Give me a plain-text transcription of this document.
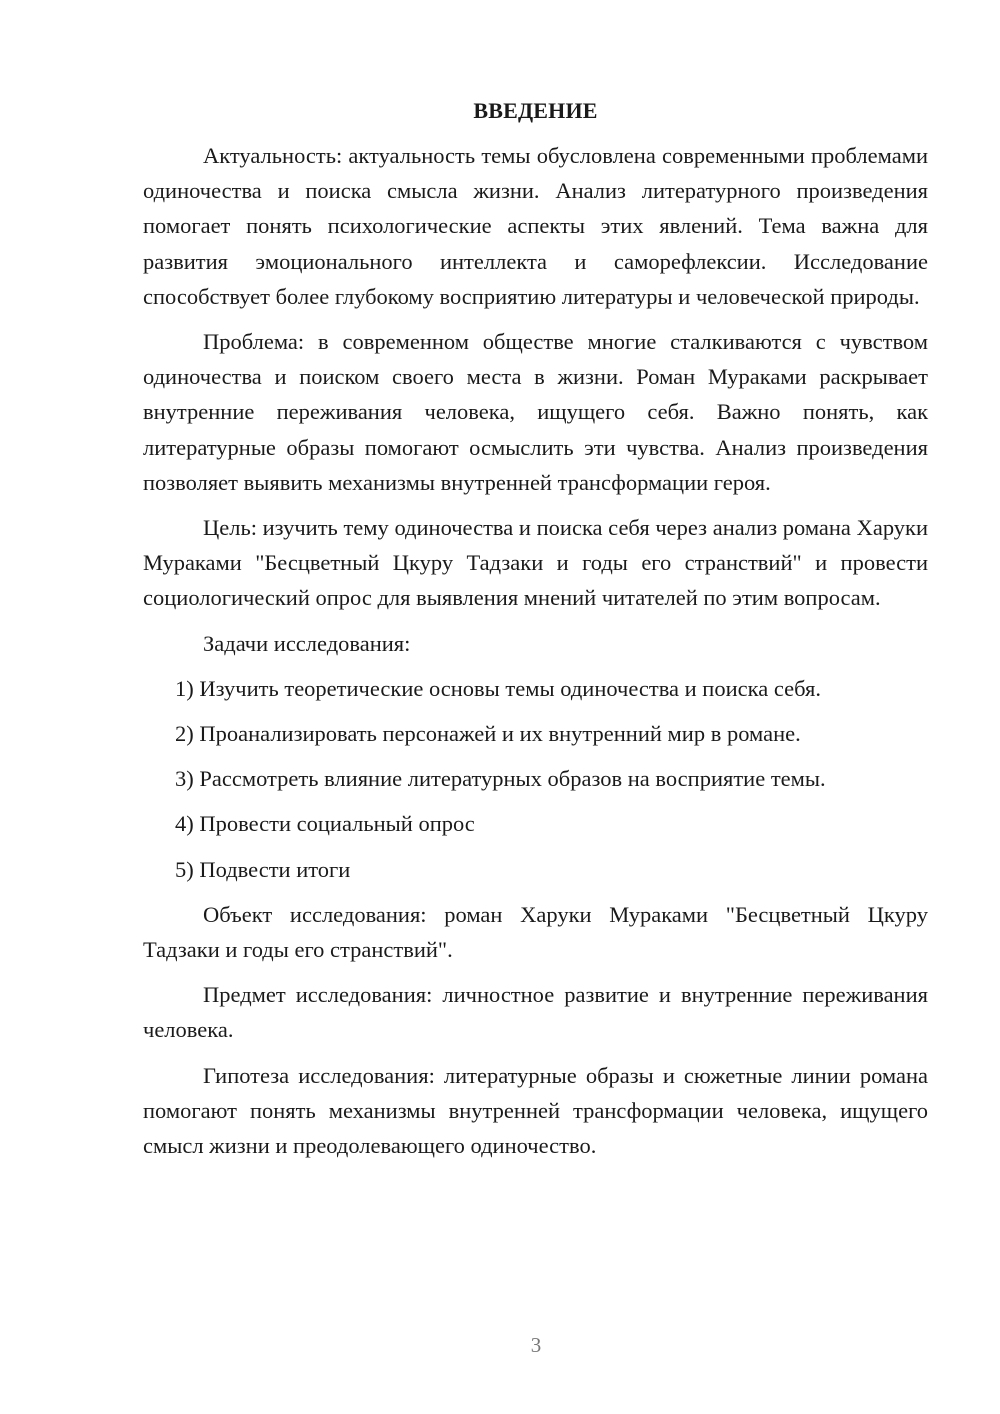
ВВЕДЕНИЕ

Актуальность: актуальность темы обусловлена современными проблемами одиночества и поиска смысла жизни. Анализ литературного произведения помогает понять психологические аспекты этих явлений. Тема важна для развития эмоционального интеллекта и саморефлексии. Исследование способствует более глубокому восприятию литературы и человеческой природы.

Проблема: в современном обществе многие сталкиваются с чувством одиночества и поиском своего места в жизни. Роман Мураками раскрывает внутренние переживания человека, ищущего себя. Важно понять, как литературные образы помогают осмыслить эти чувства. Анализ произведения позволяет выявить механизмы внутренней трансформации героя.

Цель: изучить тему одиночества и поиска себя через анализ романа Харуки Мураками "Бесцветный Цкуру Тадзаки и годы его странствий" и провести социологический опрос для выявления мнений читателей по этим вопросам.

Задачи исследования:

1) Изучить теоретические основы темы одиночества и поиска себя.

2) Проанализировать персонажей и их внутренний мир в романе.

3) Рассмотреть влияние литературных образов на восприятие темы.

4) Провести социальный опрос

5) Подвести итоги

Объект исследования: роман Харуки Мураками "Бесцветный Цкуру Тадзаки и годы его странствий".

Предмет исследования: личностное развитие и внутренние переживания человека.

Гипотеза исследования: литературные образы и сюжетные линии романа помогают понять механизмы внутренней трансформации человека, ищущего смысл жизни и преодолевающего одиночество.

3
